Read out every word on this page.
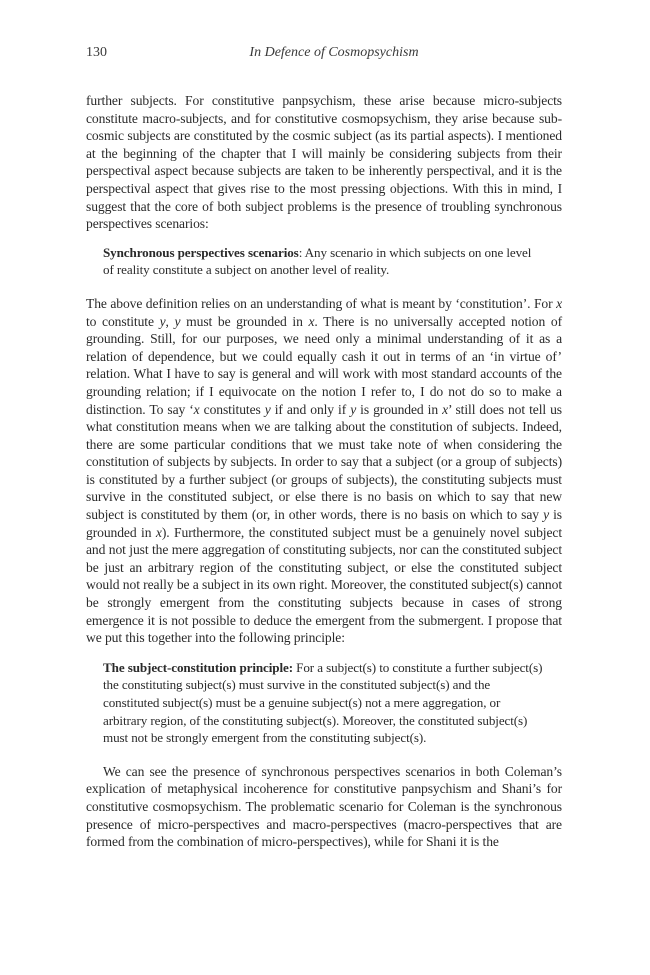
130	In Defence of Cosmopsychism

further subjects. For constitutive panpsychism, these arise because micro-subjects constitute macro-subjects, and for constitutive cosmopsychism, they arise because sub-cosmic subjects are constituted by the cosmic subject (as its partial aspects). I mentioned at the beginning of the chapter that I will mainly be considering subjects from their perspectival aspect because subjects are taken to be inherently perspectival, and it is the perspectival aspect that gives rise to the most pressing objections. With this in mind, I suggest that the core of both subject problems is the presence of troubling synchronous perspectives scenarios:

Synchronous perspectives scenarios: Any scenario in which subjects on one level of reality constitute a subject on another level of reality.

The above definition relies on an understanding of what is meant by ‘constitution’. For x to constitute y, y must be grounded in x. There is no universally accepted notion of grounding. Still, for our purposes, we need only a minimal understanding of it as a relation of dependence, but we could equally cash it out in terms of an ‘in virtue of’ relation. What I have to say is general and will work with most standard accounts of the grounding relation; if I equivocate on the notion I refer to, I do not do so to make a distinction. To say ‘x constitutes y if and only if y is grounded in x’ still does not tell us what constitution means when we are talking about the constitution of subjects. Indeed, there are some particular conditions that we must take note of when considering the constitution of subjects by subjects. In order to say that a subject (or a group of subjects) is constituted by a further subject (or groups of subjects), the constituting subjects must survive in the constituted subject, or else there is no basis on which to say that new subject is constituted by them (or, in other words, there is no basis on which to say y is grounded in x). Furthermore, the constituted subject must be a genuinely novel subject and not just the mere aggregation of constituting subjects, nor can the constituted subject be just an arbitrary region of the constituting subject, or else the constituted subject would not really be a subject in its own right. Moreover, the constituted subject(s) cannot be strongly emergent from the constituting subjects because in cases of strong emergence it is not possible to deduce the emergent from the submergent. I propose that we put this together into the following principle:

The subject-constitution principle: For a subject(s) to constitute a further subject(s) the constituting subject(s) must survive in the constituted subject(s) and the constituted subject(s) must be a genuine subject(s) not a mere aggregation, or arbitrary region, of the constituting subject(s). Moreover, the constituted subject(s) must not be strongly emergent from the constituting subject(s).

We can see the presence of synchronous perspectives scenarios in both Coleman’s explication of metaphysical incoherence for constitutive panpsychism and Shani’s for constitutive cosmopsychism. The problematic scenario for Coleman is the synchronous presence of micro-perspectives and macro-perspectives (macro-perspectives that are formed from the combination of micro-perspectives), while for Shani it is the
